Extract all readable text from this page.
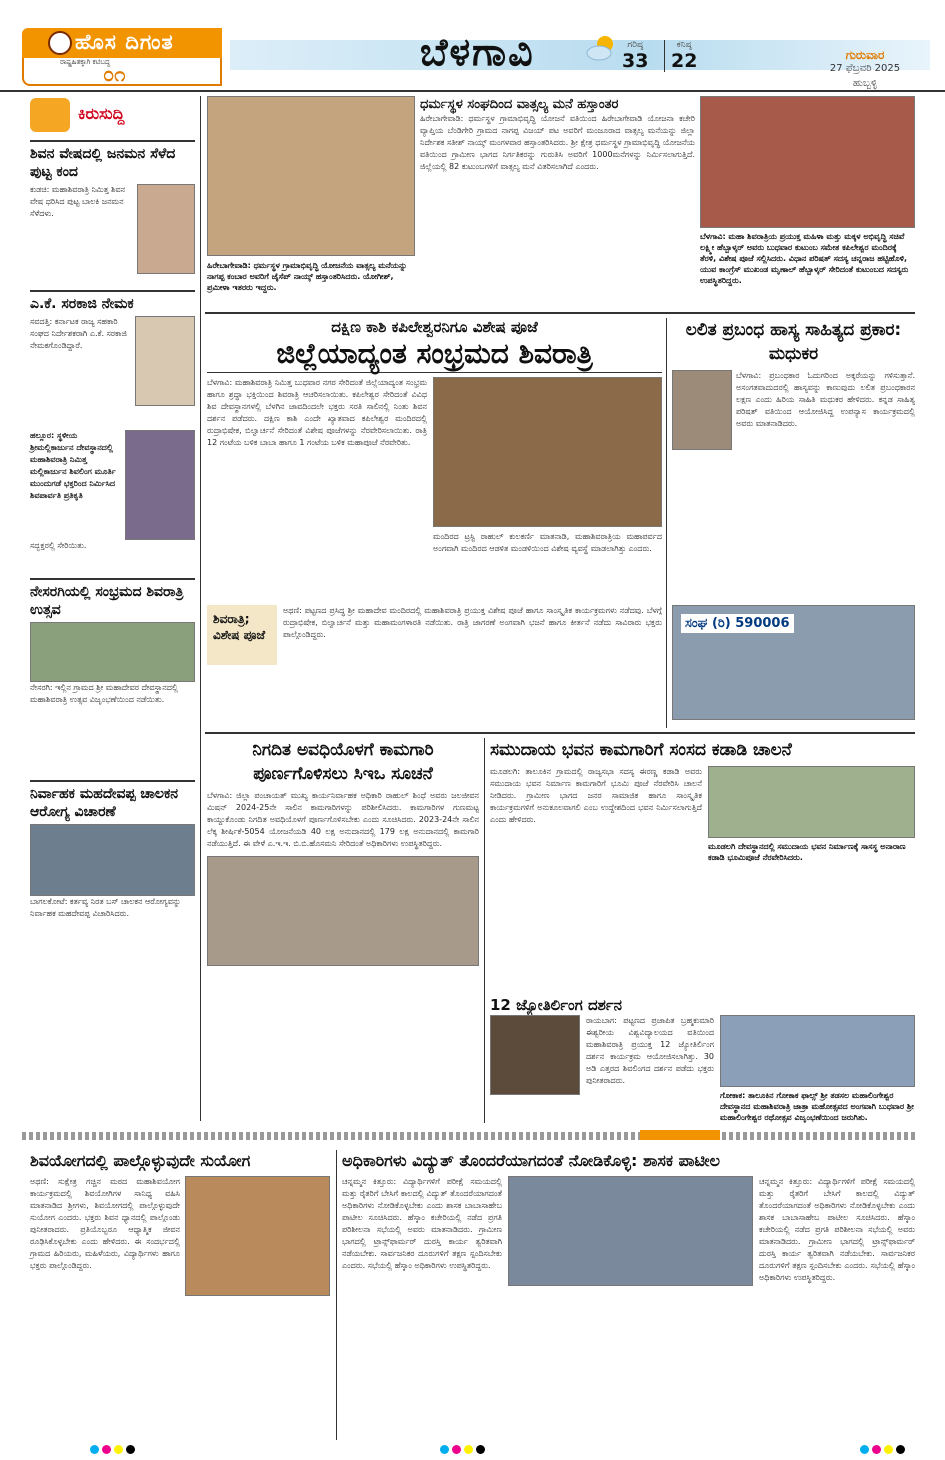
ಹೊಸ ದಿಗಂತ
ರಾಷ್ಟ್ರಹಿತಕ್ಕಾಗಿ ಕಟಿಬದ್ಧ
೦೧	ಬೆಳಗಾವಿ	ಗರಿಷ್ಠ
33
ಕನಿಷ್ಠ
22	ಗುರುವಾರ
27 ಫೆಬ್ರವರಿ 2025
ಹುಬ್ಬಳ್ಳಿ
ಕಿರುಸುದ್ದಿ
ಶಿವನ ವೇಷದಲ್ಲಿ ಜನಮನ ಸೆಳೆದ ಪುಟ್ಟ ಕಂದ
ಕುಡಚಿ: ಮಹಾಶಿವರಾತ್ರಿ ನಿಮಿತ್ತ ಶಿವನ ವೇಷ ಧರಿಸಿದ ಪುಟ್ಟ ಬಾಲಕಿ ಜನಮನ ಸೆಳೆದಳು.
ಎ.ಕೆ. ಸರಕಾಜಿ ನೇಮಕ
ಸವದತ್ತಿ: ಕರ್ನಾಟಕ ರಾಜ್ಯ ಸಹಕಾರಿ ಸಂಘದ ನಿರ್ದೇಶಕರಾಗಿ ಎ.ಕೆ. ಸರಕಾಜಿ ನೇಮಕಗೊಂಡಿದ್ದಾರೆ.
ಹಲ್ಲೂರ: ಸ್ಥಳೀಯ ಶ್ರೀಮಲ್ಲಿಕಾರ್ಜುನ ದೇವಸ್ಥಾನದಲ್ಲಿ ಮಹಾಶಿವರಾತ್ರಿ ನಿಮಿತ್ತ ಮಲ್ಲಿಕಾರ್ಜುನ ಶಿವಲಿಂಗ ಮೂರ್ತಿ ಮುಂದುಗಡೆ ಭಕ್ತರಿಂದ ನಿರ್ಮಿಸಿದ ಶಿವಪಾರ್ವತಿ ಪ್ರತಿಕೃತಿ
ಸದ್ಭಕ್ತರಲ್ಲಿ ಸೇರಿಯಿತು.
ನೇಸರಗಿಯಲ್ಲಿ ಸಂಭ್ರಮದ ಶಿವರಾತ್ರಿ ಉತ್ಸವ
ನೇಸರಗಿ: ಇಲ್ಲಿನ ಗ್ರಾಮದ ಶ್ರೀ ಮಹಾದೇವರ ದೇವಸ್ಥಾನದಲ್ಲಿ ಮಹಾಶಿವರಾತ್ರಿ ಉತ್ಸವ ವಿಜೃಂಭಣೆಯಿಂದ ನಡೆಯಿತು.
ನಿರ್ವಾಹಕ ಮಹದೇವಪ್ಪ ಚಾಲಕನ ಆರೋಗ್ಯ ವಿಚಾರಣೆ
ಬಾಗಲಕೋಟೆ: ಕರ್ತವ್ಯ ನಿರತ ಬಸ್ ಚಾಲಕನ ಆರೋಗ್ಯವನ್ನು ನಿರ್ವಾಹಕ ಮಹದೇವಪ್ಪ ವಿಚಾರಿಸಿದರು.
ಹಿರೇಬಾಗೇವಾಡಿ: ಧರ್ಮಸ್ಥಳ ಗ್ರಾಮಾಭಿವೃದ್ಧಿ ಯೋಜನೆಯ ವಾತ್ಸಲ್ಯ ಮನೆಯನ್ನು ನಾಗಪ್ಪ ಕಂಬಾರ ಅವರಿಗೆ ಜೈಸೆಪ್ ನಾಯ್ಕ್ ಹಸ್ತಾಂತರಿಸಿದರು. ಯೋಗೀಶ್, ಪ್ರಮೀಳಾ ಇತರರು ಇದ್ದರು.
ಧರ್ಮಸ್ಥಳ ಸಂಘದಿಂದ ವಾತ್ಸಲ್ಯ ಮನೆ ಹಸ್ತಾಂತರ
ಹಿರೇಬಾಗೇವಾಡಿ: ಧರ್ಮಸ್ಥಳ ಗ್ರಾಮಾಭಿವೃದ್ಧಿ ಯೋಜನೆ ವತಿಯಿಂದ ಹಿರೇಬಾಗೇವಾಡಿ ಯೋಜನಾ ಕಚೇರಿ ವ್ಯಾಪ್ತಿಯ ಬೆಂಡಿಗೇರಿ ಗ್ರಾಮದ ನಾಗಪ್ಪ ವಿಜಯ್ ಪಟ ಅವರಿಗೆ ಮಂಜೂರಾದ ವಾತ್ಸಲ್ಯ ಮನೆಯನ್ನು ಜಿಲ್ಲಾ ನಿರ್ದೇಶಕ ಸತೀಶ್ ನಾಯ್ಕ್ ಮಂಗಳವಾರ ಹಸ್ತಾಂತರಿಸಿದರು. ಶ್ರೀ ಕ್ಷೇತ್ರ ಧರ್ಮಸ್ಥಳ ಗ್ರಾಮಾಭಿವೃದ್ಧಿ ಯೋಜನೆಯ ವತಿಯಿಂದ ಗ್ರಾಮೀಣ ಭಾಗದ ನಿರ್ಗತಿಕರನ್ನು ಗುರುತಿಸಿ ಅವರಿಗೆ 1000ಮನೆಗಳನ್ನು ನಿರ್ಮಿಸಲಾಗುತ್ತಿದೆ. ಜಿಲ್ಲೆಯಲ್ಲಿ 82 ಕುಟುಂಬಗಳಿಗೆ ವಾತ್ಸಲ್ಯ ಮನೆ ವಿತರಿಸಲಾಗಿದೆ ಎಂದರು.
ಬೆಳಗಾವಿ: ಮಹಾ ಶಿವರಾತ್ರಿಯ ಪ್ರಯುಕ್ತ ಮಹಿಳಾ ಮತ್ತು ಮಕ್ಕಳ ಅಭಿವೃದ್ಧಿ ಸಚಿವೆ ಲಕ್ಷ್ಮೀ ಹೆಬ್ಬಾಳ್ಕರ್ ಅವರು ಬುಧವಾರ ಕುಟುಂಬ ಸಮೇತ ಕಪಿಲೇಶ್ವರ ಮಂದಿರಕ್ಕೆ ತೆರಳಿ, ವಿಶೇಷ ಪೂಜೆ ಸಲ್ಲಿಸಿದರು. ವಿಧಾನ ಪರಿಷತ್ ಸದಸ್ಯ ಚನ್ನರಾಜ ಹಟ್ಟಿಹೊಳಿ, ಯುವ ಕಾಂಗ್ರೆಸ್ ಮುಖಂಡ ಮೃಣಾಲ್ ಹೆಬ್ಬಾಳ್ಕರ್ ಸೇರಿದಂತೆ ಕುಟುಂಬದ ಸದಸ್ಯರು ಉಪಸ್ಥಿತರಿದ್ದರು.
ದಕ್ಷಿಣ ಕಾಶಿ ಕಪಿಲೇಶ್ವರನಿಗೂ ವಿಶೇಷ ಪೂಜೆ
ಜಿಲ್ಲೆಯಾದ್ಯಂತ ಸಂಭ್ರಮದ ಶಿವರಾತ್ರಿ
ಬೆಳಗಾವಿ: ಮಹಾಶಿವರಾತ್ರಿ ನಿಮಿತ್ತ ಬುಧವಾರ ನಗರ ಸೇರಿದಂತೆ ಜಿಲ್ಲೆಯಾದ್ಯಂತ ಸಂಭ್ರಮ ಹಾಗೂ ಶ್ರದ್ಧಾ ಭಕ್ತಿಯಿಂದ ಶಿವರಾತ್ರಿ ಆಚರಿಸಲಾಯಿತು. ಕಪಿಲೇಶ್ವರ ಸೇರಿದಂತೆ ವಿವಿಧ ಶಿವ ದೇವಸ್ಥಾನಗಳಲ್ಲಿ ಬೆಳಗಿನ ಜಾವದಿಂದಲೇ ಭಕ್ತರು ಸರತಿ ಸಾಲಿನಲ್ಲಿ ನಿಂತು ಶಿವನ ದರ್ಶನ ಪಡೆದರು. ದಕ್ಷಿಣ ಕಾಶಿ ಎಂದೇ ಖ್ಯಾತವಾದ ಕಪಿಲೇಶ್ವರ ಮಂದಿರದಲ್ಲಿ ರುದ್ರಾಭಿಷೇಕ, ಬಿಲ್ವಾರ್ಚನೆ ಸೇರಿದಂತೆ ವಿಶೇಷ ಪೂಜೆಗಳನ್ನು ನೆರವೇರಿಸಲಾಯಿತು. ರಾತ್ರಿ 12 ಗಂಟೆಯ ಬಳಿಕ ಬಾಬಾ ಹಾಗೂ 1 ಗಂಟೆಯ ಬಳಿಕ ಮಹಾಪೂಜೆ ನೆರವೇರಿತು.
ಮಂದಿರದ ಟ್ರಸ್ಟಿ ರಾಹುಲ್ ಕುಲಕರ್ಣಿ ಮಾತನಾಡಿ, ಮಹಾಶಿವರಾತ್ರಿಯ ಮಹಾಪರ್ವದ ಅಂಗವಾಗಿ ಮಂದಿರದ ಆಡಳಿತ ಮಂಡಳಿಯಿಂದ ವಿಶೇಷ ವ್ಯವಸ್ಥೆ ಮಾಡಲಾಗಿತ್ತು ಎಂದರು.
ಲಲಿತ ಪ್ರಬಂಧ ಹಾಸ್ಯ ಸಾಹಿತ್ಯದ ಪ್ರಕಾರ: ಮಧುಕರ
ಬೆಳಗಾವಿ: ಪ್ರಬಂಧಕಾರ ಓದುಗರಿಂದ ಅಕ್ಕರೆಯನ್ನು ಗಳಿಸುತ್ತಾನೆ. ಅಸಂಗತವಾದುದರಲ್ಲಿ ಹಾಸ್ಯವನ್ನು ಕಾಣುವುದು ಲಲಿತ ಪ್ರಬಂಧಕಾರನ ಲಕ್ಷಣ ಎಂದು ಹಿರಿಯ ಸಾಹಿತಿ ಮಧುಕರ ಹೇಳಿದರು. ಕನ್ನಡ ಸಾಹಿತ್ಯ ಪರಿಷತ್ ವತಿಯಿಂದ ಆಯೋಜಿಸಿದ್ದ ಉಪನ್ಯಾಸ ಕಾರ್ಯಕ್ರಮದಲ್ಲಿ ಅವರು ಮಾತನಾಡಿದರು.
ಶಿವರಾತ್ರಿ; ವಿಶೇಷ ಪೂಜೆ
ಅಥಣಿ: ಪಟ್ಟಣದ ಪ್ರಸಿದ್ಧ ಶ್ರೀ ಮಹಾದೇವ ಮಂದಿರದಲ್ಲಿ ಮಹಾಶಿವರಾತ್ರಿ ಪ್ರಯುಕ್ತ ವಿಶೇಷ ಪೂಜೆ ಹಾಗೂ ಸಾಂಸ್ಕೃತಿಕ ಕಾರ್ಯಕ್ರಮಗಳು ನಡೆದವು. ಬೆಳಗ್ಗೆ ರುದ್ರಾಭಿಷೇಕ, ಬಿಲ್ವಾರ್ಚನೆ ಮತ್ತು ಮಹಾಮಂಗಳಾರತಿ ನಡೆಯಿತು. ರಾತ್ರಿ ಜಾಗರಣೆ ಅಂಗವಾಗಿ ಭಜನೆ ಹಾಗೂ ಕೀರ್ತನೆ ನಡೆದು ಸಾವಿರಾರು ಭಕ್ತರು ಪಾಲ್ಗೊಂಡಿದ್ದರು.
ಸಂಘ (ರಿ) 590006
ನಿಗದಿತ ಅವಧಿಯೊಳಗೆ ಕಾಮಗಾರಿ ಪೂರ್ಣಗೊಳಿಸಲು ಸಿಇಒ ಸೂಚನೆ
ಬೆಳಗಾವಿ: ಜಿಲ್ಲಾ ಪಂಚಾಯತ್ ಮುಖ್ಯ ಕಾರ್ಯನಿರ್ವಾಹಕ ಅಧಿಕಾರಿ ರಾಹುಲ್ ಶಿಂಧೆ ಅವರು ಜಲಜೀವನ ಮಿಷನ್ 2024-25ನೇ ಸಾಲಿನ ಕಾಮಗಾರಿಗಳನ್ನು ಪರಿಶೀಲಿಸಿದರು. ಕಾಮಗಾರಿಗಳ ಗುಣಮಟ್ಟ ಕಾಯ್ದುಕೊಂಡು ನಿಗದಿತ ಅವಧಿಯೊಳಗೆ ಪೂರ್ಣಗೊಳಿಸಬೇಕು ಎಂದು ಸೂಚಿಸಿದರು. 2023-24ನೇ ಸಾಲಿನ ಲೆಕ್ಕ ಶೀರ್ಷಿಕೆ-5054 ಯೋಜನೆಯಡಿ 40 ಲಕ್ಷ ಅನುದಾನದಲ್ಲಿ 179 ಲಕ್ಷ ಅನುದಾನದಲ್ಲಿ ಕಾಮಗಾರಿ ನಡೆಯುತ್ತಿದೆ. ಈ ವೇಳೆ ಎ.ಇ.ಇ. ಬಿ.ಬಿ.ಹೊಸಮನಿ ಸೇರಿದಂತೆ ಅಧಿಕಾರಿಗಳು ಉಪಸ್ಥಿತರಿದ್ದರು.
ಸಮುದಾಯ ಭವನ ಕಾಮಗಾರಿಗೆ ಸಂಸದ ಕಡಾಡಿ ಚಾಲನೆ
ಮೂಡಲಗಿ: ತಾಲೂಕಿನ ಗ್ರಾಮದಲ್ಲಿ ರಾಜ್ಯಸಭಾ ಸದಸ್ಯ ಈರಣ್ಣ ಕಡಾಡಿ ಅವರು ಸಮುದಾಯ ಭವನ ನಿರ್ಮಾಣ ಕಾಮಗಾರಿಗೆ ಭೂಮಿ ಪೂಜೆ ನೆರವೇರಿಸಿ ಚಾಲನೆ ನೀಡಿದರು. ಗ್ರಾಮೀಣ ಭಾಗದ ಜನರ ಸಾಮಾಜಿಕ ಹಾಗೂ ಸಾಂಸ್ಕೃತಿಕ ಕಾರ್ಯಕ್ರಮಗಳಿಗೆ ಅನುಕೂಲವಾಗಲಿ ಎಂಬ ಉದ್ದೇಶದಿಂದ ಭವನ ನಿರ್ಮಿಸಲಾಗುತ್ತಿದೆ ಎಂದು ಹೇಳಿದರು.
ಮೂಡಲಗಿ ದೇವಸ್ಥಾನದಲ್ಲಿ ಸಮುದಾಯ ಭವನ ನಿರ್ಮಾಣಕ್ಕೆ ಸಾಸಸ್ಥ ಅನಾರಾಣ ಕಡಾಡಿ ಭೂಮಿಪೂಜೆ ನೆರವೇರಿಸಿದರು.
12 ಜ್ಯೋತಿರ್ಲಿಂಗ ದರ್ಶನ
ರಾಯಬಾಗ: ಪಟ್ಟಣದ ಪ್ರಜಾಪಿತ ಬ್ರಹ್ಮಕುಮಾರಿ ಈಶ್ವರೀಯ ವಿಶ್ವವಿದ್ಯಾಲಯದ ವತಿಯಿಂದ ಮಹಾಶಿವರಾತ್ರಿ ಪ್ರಯುಕ್ತ 12 ಜ್ಯೋತಿರ್ಲಿಂಗ ದರ್ಶನ ಕಾರ್ಯಕ್ರಮ ಆಯೋಜಿಸಲಾಗಿತ್ತು. 30 ಅಡಿ ಎತ್ತರದ ಶಿವಲಿಂಗದ ದರ್ಶನ ಪಡೆದು ಭಕ್ತರು ಪುನೀತರಾದರು.
ಗೋಕಾಕ: ತಾಲೂಕಿನ ಗೋಕಾಕ ಫಾಲ್ಸ್ ಶ್ರೀ ತಡಸಲ ಮಹಾಲಿಂಗೇಶ್ವರ ದೇವಸ್ಥಾನದ ಮಹಾಶಿವರಾತ್ರಿ ಜಾತ್ರಾ ಮಹೋತ್ಸವದ ಅಂಗವಾಗಿ ಬುಧವಾರ ಶ್ರೀ ಮಹಾಲಿಂಗೇಶ್ವರ ರಥೋತ್ಸವ ವಿಜೃಂಭಣೆಯಿಂದ ಜರುಗಿತು.
ಶಿವಯೋಗದಲ್ಲಿ ಪಾಲ್ಗೊಳ್ಳುವುದೇ ಸುಯೋಗ
ಅಥಣಿ: ಸುಕ್ಷೇತ್ರ ಗಚ್ಚಿನ ಮಠದ ಮಹಾಶಿವಯೋಗ ಕಾರ್ಯಕ್ರಮದಲ್ಲಿ ಶಿವಯೋಗಿಗಳ ಸಾನಿಧ್ಯ ವಹಿಸಿ ಮಾತನಾಡಿದ ಶ್ರೀಗಳು, ಶಿವಯೋಗದಲ್ಲಿ ಪಾಲ್ಗೊಳ್ಳುವುದೇ ಸುಯೋಗ ಎಂದರು. ಭಕ್ತರು ಶಿವನ ಧ್ಯಾನದಲ್ಲಿ ಪಾಲ್ಗೊಂಡು ಪುನೀತರಾದರು. ಪ್ರತಿಯೊಬ್ಬರೂ ಆಧ್ಯಾತ್ಮಿಕ ಜೀವನ ರೂಢಿಸಿಕೊಳ್ಳಬೇಕು ಎಂದು ಹೇಳಿದರು. ಈ ಸಂದರ್ಭದಲ್ಲಿ ಗ್ರಾಮದ ಹಿರಿಯರು, ಮಹಿಳೆಯರು, ವಿದ್ಯಾರ್ಥಿಗಳು ಹಾಗೂ ಭಕ್ತರು ಪಾಲ್ಗೊಂಡಿದ್ದರು.
ಅಧಿಕಾರಿಗಳು ವಿದ್ಯುತ್ ತೊಂದರೆಯಾಗದಂತೆ ನೋಡಿಕೊಳ್ಳಿ: ಶಾಸಕ ಪಾಟೀಲ
ಚನ್ನಮ್ಮನ ಕಿತ್ತೂರು: ವಿದ್ಯಾರ್ಥಿಗಳಿಗೆ ಪರೀಕ್ಷೆ ಸಮಯದಲ್ಲಿ ಮತ್ತು ರೈತರಿಗೆ ಬೇಸಿಗೆ ಕಾಲದಲ್ಲಿ ವಿದ್ಯುತ್ ತೊಂದರೆಯಾಗದಂತೆ ಅಧಿಕಾರಿಗಳು ನೋಡಿಕೊಳ್ಳಬೇಕು ಎಂದು ಶಾಸಕ ಬಾಬಾಸಾಹೇಬ ಪಾಟೀಲ ಸೂಚಿಸಿದರು. ಹೆಸ್ಕಾಂ ಕಚೇರಿಯಲ್ಲಿ ನಡೆದ ಪ್ರಗತಿ ಪರಿಶೀಲನಾ ಸಭೆಯಲ್ಲಿ ಅವರು ಮಾತನಾಡಿದರು. ಗ್ರಾಮೀಣ ಭಾಗದಲ್ಲಿ ಟ್ರಾನ್ಸ್‌ಫಾರ್ಮರ್ ದುರಸ್ತಿ ಕಾರ್ಯ ತ್ವರಿತವಾಗಿ ನಡೆಯಬೇಕು. ಸಾರ್ವಜನಿಕರ ದೂರುಗಳಿಗೆ ತಕ್ಷಣ ಸ್ಪಂದಿಸಬೇಕು ಎಂದರು. ಸಭೆಯಲ್ಲಿ ಹೆಸ್ಕಾಂ ಅಧಿಕಾರಿಗಳು ಉಪಸ್ಥಿತರಿದ್ದರು.
ಚನ್ನಮ್ಮನ ಕಿತ್ತೂರು: ವಿದ್ಯಾರ್ಥಿಗಳಿಗೆ ಪರೀಕ್ಷೆ ಸಮಯದಲ್ಲಿ ಮತ್ತು ರೈತರಿಗೆ ಬೇಸಿಗೆ ಕಾಲದಲ್ಲಿ ವಿದ್ಯುತ್ ತೊಂದರೆಯಾಗದಂತೆ ಅಧಿಕಾರಿಗಳು ನೋಡಿಕೊಳ್ಳಬೇಕು ಎಂದು ಶಾಸಕ ಬಾಬಾಸಾಹೇಬ ಪಾಟೀಲ ಸೂಚಿಸಿದರು. ಹೆಸ್ಕಾಂ ಕಚೇರಿಯಲ್ಲಿ ನಡೆದ ಪ್ರಗತಿ ಪರಿಶೀಲನಾ ಸಭೆಯಲ್ಲಿ ಅವರು ಮಾತನಾಡಿದರು. ಗ್ರಾಮೀಣ ಭಾಗದಲ್ಲಿ ಟ್ರಾನ್ಸ್‌ಫಾರ್ಮರ್ ದುರಸ್ತಿ ಕಾರ್ಯ ತ್ವರಿತವಾಗಿ ನಡೆಯಬೇಕು. ಸಾರ್ವಜನಿಕರ ದೂರುಗಳಿಗೆ ತಕ್ಷಣ ಸ್ಪಂದಿಸಬೇಕು ಎಂದರು. ಸಭೆಯಲ್ಲಿ ಹೆಸ್ಕಾಂ ಅಧಿಕಾರಿಗಳು ಉಪಸ್ಥಿತರಿದ್ದರು.
